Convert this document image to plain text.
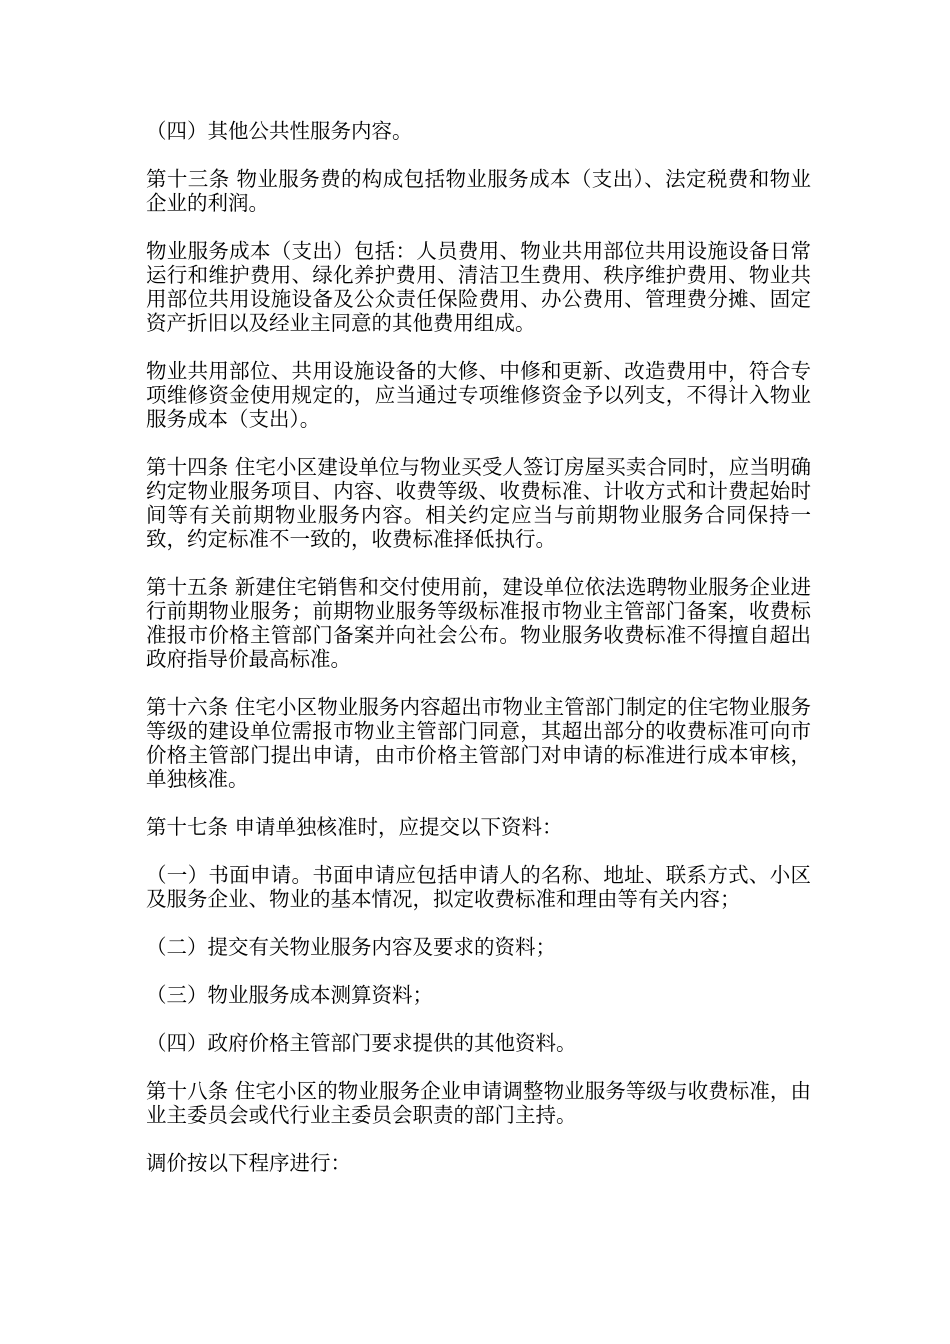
（四）其他公共性服务内容。

第十三条 物业服务费的构成包括物业服务成本（支出）、法定税费和物业企业的利润。

物业服务成本（支出）包括：人员费用、物业共用部位共用设施设备日常运行和维护费用、绿化养护费用、清洁卫生费用、秩序维护费用、物业共用部位共用设施设备及公众责任保险费用、办公费用、管理费分摊、固定资产折旧以及经业主同意的其他费用组成。

物业共用部位、共用设施设备的大修、中修和更新、改造费用中，符合专项维修资金使用规定的，应当通过专项维修资金予以列支，不得计入物业服务成本（支出）。

第十四条 住宅小区建设单位与物业买受人签订房屋买卖合同时，应当明确约定物业服务项目、内容、收费等级、收费标准、计收方式和计费起始时间等有关前期物业服务内容。相关约定应当与前期物业服务合同保持一致，约定标准不一致的，收费标准择低执行。

第十五条 新建住宅销售和交付使用前，建设单位依法选聘物业服务企业进行前期物业服务；前期物业服务等级标准报市物业主管部门备案，收费标准报市价格主管部门备案并向社会公布。物业服务收费标准不得擅自超出政府指导价最高标准。

第十六条 住宅小区物业服务内容超出市物业主管部门制定的住宅物业服务等级的建设单位需报市物业主管部门同意，其超出部分的收费标准可向市价格主管部门提出申请，由市价格主管部门对申请的标准进行成本审核，单独核准。

第十七条 申请单独核准时，应提交以下资料：

（一）书面申请。书面申请应包括申请人的名称、地址、联系方式、小区及服务企业、物业的基本情况，拟定收费标准和理由等有关内容；

（二）提交有关物业服务内容及要求的资料；

（三）物业服务成本测算资料；

（四）政府价格主管部门要求提供的其他资料。

第十八条 住宅小区的物业服务企业申请调整物业服务等级与收费标准，由业主委员会或代行业主委员会职责的部门主持。

调价按以下程序进行：
